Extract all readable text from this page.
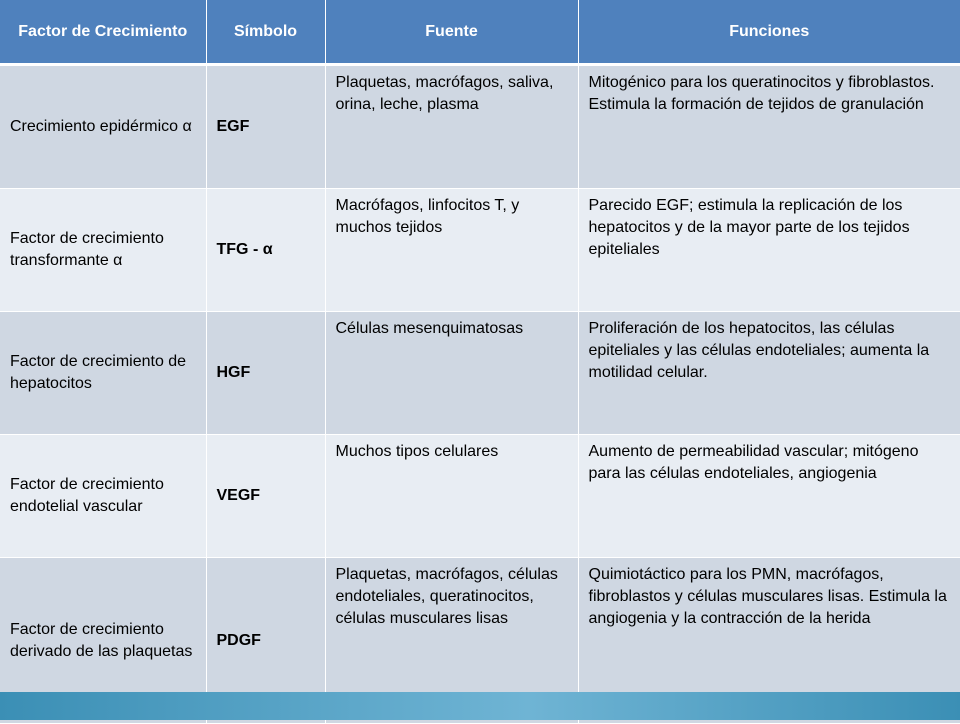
Factor de Crecimiento	Símbolo	Fuente	Funciones
Crecimiento epidérmico α	EGF	Plaquetas, macrófagos, saliva, orina, leche, plasma	Mitogénico para los queratinocitos y fibroblastos. Estimula la formación de tejidos de granulación
Factor de crecimiento transformante α	TFG - α	Macrófagos, linfocitos T, y muchos tejidos	Parecido EGF; estimula la replicación de los hepatocitos y de la mayor parte de los tejidos epiteliales
Factor de crecimiento de hepatocitos	HGF	Células mesenquimatosas	Proliferación de los hepatocitos, las células epiteliales y las células endoteliales; aumenta la motilidad celular.
Factor de crecimiento endotelial vascular	VEGF	Muchos tipos celulares	Aumento de permeabilidad vascular; mitógeno para las células endoteliales, angiogenia
Factor de crecimiento derivado de las plaquetas	PDGF	Plaquetas, macrófagos, células endoteliales, queratinocitos, células musculares lisas	Quimiotáctico para los PMN, macrófagos, fibroblastos y células musculares lisas. Estimula la angiogenia y la contracción de la herida
